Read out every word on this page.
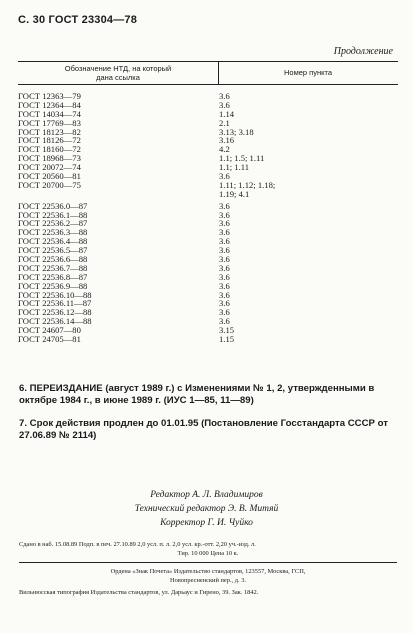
С. 30 ГОСТ 23304—78
Продолжение
Обозначение НТД, на который
дана ссылка	Номер пункта
ГОСТ 12363—79	3.6
ГОСТ 12364—84	3.6
ГОСТ 14034—74	1.14
ГОСТ 17769—83	2.1
ГОСТ 18123—82	3.13; 3.18
ГОСТ 18126—72	3.16
ГОСТ 18160—72	4.2
ГОСТ 18968—73	1.1; 1.5; 1.11
ГОСТ 20072—74	1.1; 1.11
ГОСТ 20560—81	3.6
ГОСТ 20700—75	1.11; 1.12; 1.18;
1.19; 4.1
ГОСТ 22536.0—87	3.6
ГОСТ 22536.1—88	3.6
ГОСТ 22536.2—87	3.6
ГОСТ 22536.3—88	3.6
ГОСТ 22536.4—88	3.6
ГОСТ 22536.5—87	3.6
ГОСТ 22536.6—88	3.6
ГОСТ 22536.7—88	3.6
ГОСТ 22536.8—87	3.6
ГОСТ 22536.9—88	3.6
ГОСТ 22536.10—88	3.6
ГОСТ 22536.11—87	3.6
ГОСТ 22536.12—88	3.6
ГОСТ 22536.14—88	3.6
ГОСТ 24607—80	3.15
ГОСТ 24705—81	1.15
6. ПЕРЕИЗДАНИЕ (август 1989 г.) с Изменениями № 1, 2, утвержденными в октябре 1984 г., в июне 1989 г. (ИУС 1—85, 11—89)
7. Срок действия продлен до 01.01.95 (Постановление Госстандарта СССР от 27.06.89 № 2114)
Редактор А. Л. Владимиров
Технический редактор Э. В. Митяй
Корректор Г. И. Чуйко
Сдано в наб. 15.08.89 Подп. в печ. 27.10.89 2,0 усл. п. л. 2,0 усл. кр.-отт. 2,20 уч.-изд. л.
Тир. 10 000 Цена 10 к.
Ордена «Знак Почета» Издательство стандартов, 123557, Москва, ГСП,
Новопресненский пер., д. 3.
Вильнюсская типография Издательства стандартов, ул. Дарьаус и Гирено, 39. Зак. 1842.
